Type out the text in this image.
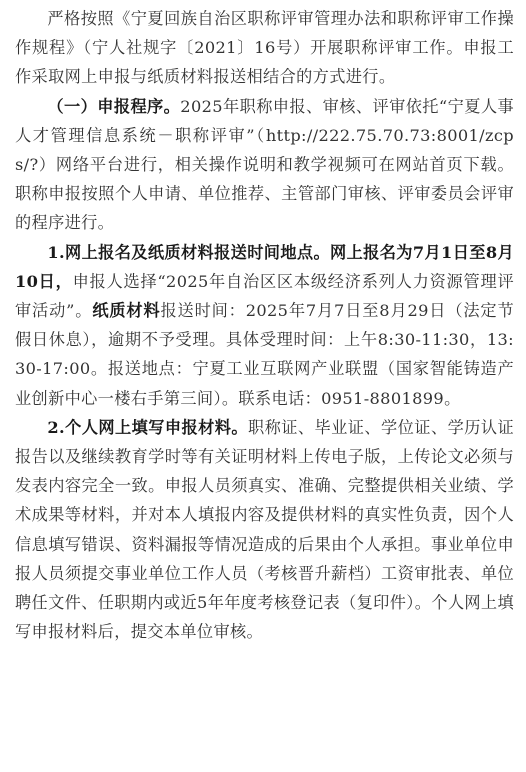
严格按照《宁夏回族自治区职称评审管理办法和职称评审工作操作规程》（宁人社规字〔2021〕16号）开展职称评审工作。申报工作采取网上申报与纸质材料报送相结合的方式进行。

（一）申报程序。2025年职称申报、审核、评审依托“宁夏人事人才管理信息系统－职称评审”（http://222.75.70.73:8001/zcps/?）网络平台进行，相关操作说明和教学视频可在网站首页下载。职称申报按照个人申请、单位推荐、主管部门审核、评审委员会评审的程序进行。

1.网上报名及纸质材料报送时间地点。网上报名为7月1日至8月10日，申报人选择“2025年自治区区本级经济系列人力资源管理评审活动”。纸质材料报送时间：2025年7月7日至8月29日（法定节假日休息），逾期不予受理。具体受理时间：上午8:30-11:30，13:30-17:00。报送地点：宁夏工业互联网产业联盟（国家智能铸造产业创新中心一楼右手第三间）。联系电话：0951-8801899。

2.个人网上填写申报材料。职称证、毕业证、学位证、学历认证报告以及继续教育学时等有关证明材料上传电子版，上传论文必须与发表内容完全一致。申报人员须真实、准确、完整提供相关业绩、学术成果等材料，并对本人填报内容及提供材料的真实性负责，因个人信息填写错误、资料漏报等情况造成的后果由个人承担。事业单位申报人员须提交事业单位工作人员（考核晋升薪档）工资审批表、单位聘任文件、任职期内或近5年年度考核登记表（复印件）。个人网上填写申报材料后，提交本单位审核。
